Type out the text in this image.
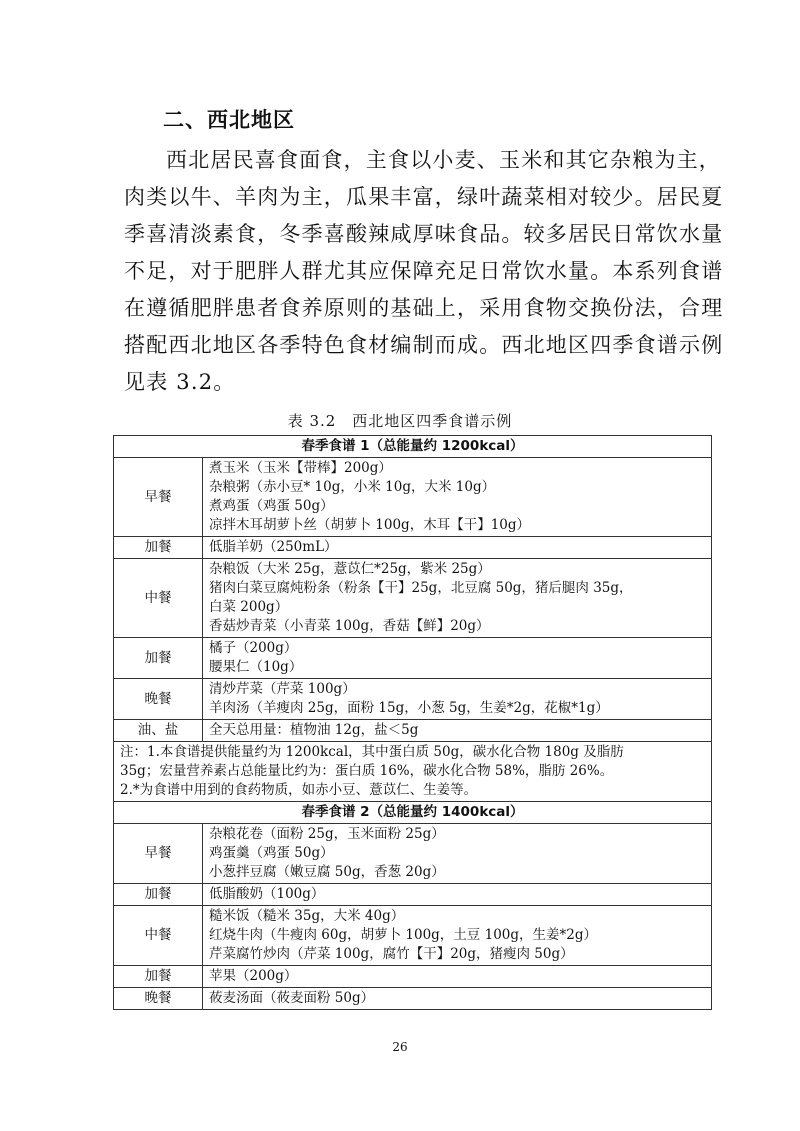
二、西北地区
西北居民喜食面食，主食以小麦、玉米和其它杂粮为主，
肉类以牛、羊肉为主，瓜果丰富，绿叶蔬菜相对较少。居民夏
季喜清淡素食，冬季喜酸辣咸厚味食品。较多居民日常饮水量
不足，对于肥胖人群尤其应保障充足日常饮水量。本系列食谱
在遵循肥胖患者食养原则的基础上，采用食物交换份法，合理
搭配西北地区各季特色食材编制而成。西北地区四季食谱示例
见表 3.2。
表 3.2　西北地区四季食谱示例
春季食谱 1（总能量约 1200kcal）	
早餐	煮玉米（玉米【带棒】200g）
杂粮粥（赤小豆* 10g，小米 10g，大米 10g）
煮鸡蛋（鸡蛋 50g）
凉拌木耳胡萝卜丝（胡萝卜 100g，木耳【干】10g）

加餐	低脂羊奶（250mL）

中餐	杂粮饭（大米 25g，薏苡仁*25g，紫米 25g）
猪肉白菜豆腐炖粉条（粉条【干】25g，北豆腐 50g，猪后腿肉 35g，
白菜 200g）
香菇炒青菜（小青菜 100g，香菇【鲜】20g）

加餐	橘子（200g）
腰果仁（10g）

晚餐	清炒芹菜（芹菜 100g）
羊肉汤（羊瘦肉 25g，面粉 15g，小葱 5g，生姜*2g，花椒*1g）

油、盐	全天总用量：植物油 12g，盐＜5g

注：1.本食谱提供能量约为 1200kcal，其中蛋白质 50g，碳水化合物 180g 及脂肪
35g；宏量营养素占总能量比约为：蛋白质 16%，碳水化合物 58%，脂肪 26%。
2.*为食谱中用到的食药物质，如赤小豆、薏苡仁、生姜等。	

春季食谱 2（总能量约 1400kcal）	
早餐	杂粮花卷（面粉 25g，玉米面粉 25g）
鸡蛋羹（鸡蛋 50g）
小葱拌豆腐（嫩豆腐 50g，香葱 20g）

加餐	低脂酸奶（100g）

中餐	糙米饭（糙米 35g，大米 40g）
红烧牛肉（牛瘦肉 60g，胡萝卜 100g，土豆 100g，生姜*2g）
芹菜腐竹炒肉（芹菜 100g，腐竹【干】20g，猪瘦肉 50g）

加餐	苹果（200g）

晚餐	莜麦汤面（莜麦面粉 50g）
26
